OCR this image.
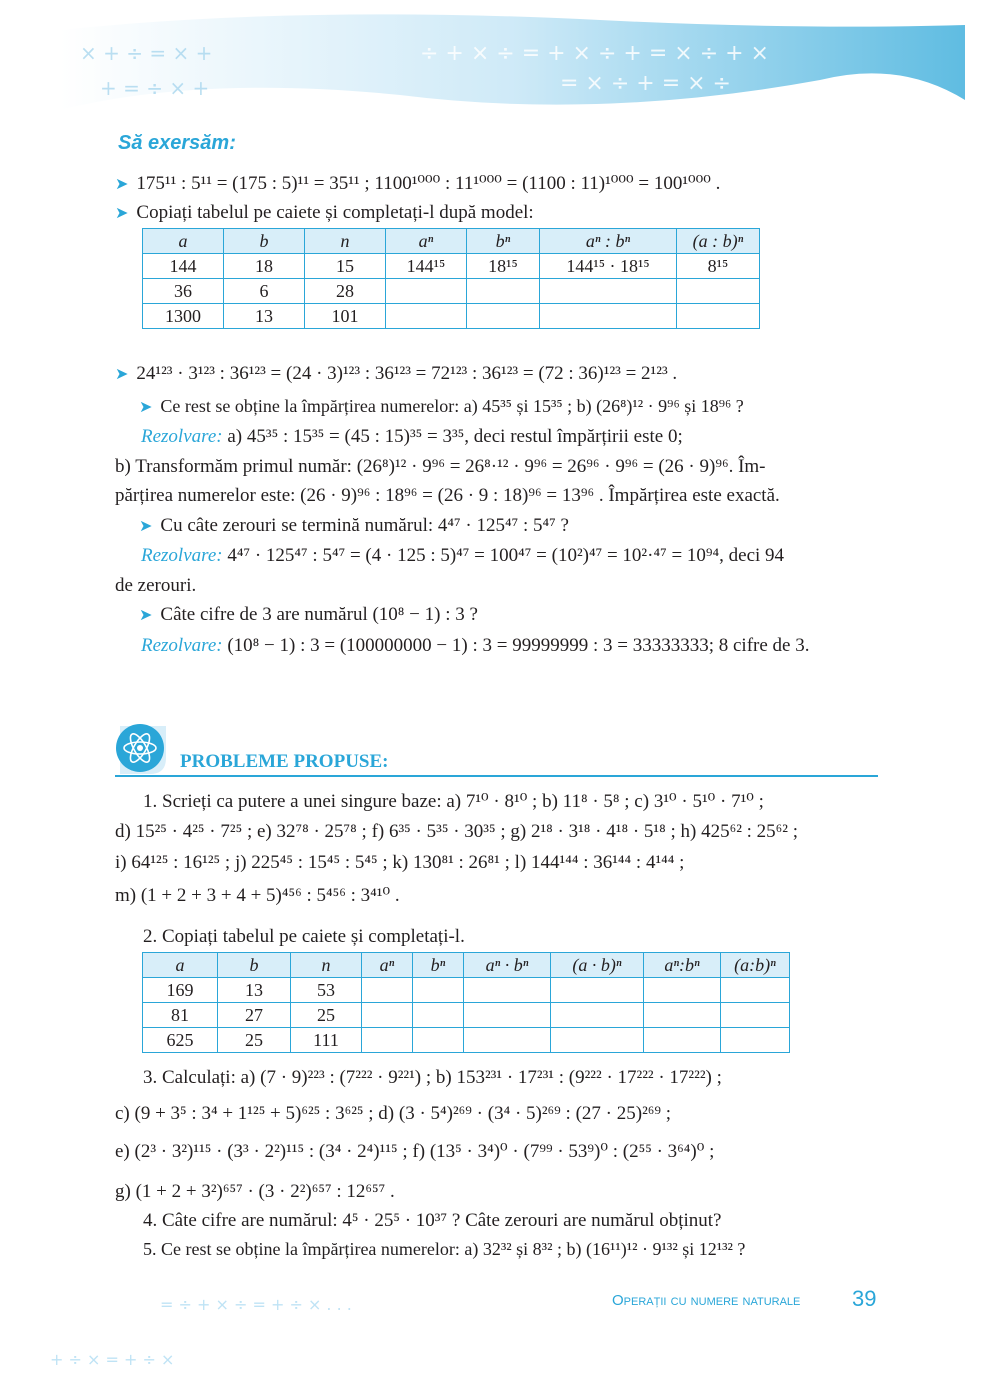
÷ + × ÷ = + × ÷ + = × ÷ + ×
= × ÷ + = × ÷
× + ÷ = × +
+ = ÷ × +
+ ÷ × = + ÷ ×
= ÷ + × ÷ = + ÷ × . . .
Să exersăm:
➤ 175¹¹ : 5¹¹ = (175 : 5)¹¹ = 35¹¹ ; 1100¹⁰⁰⁰ : 11¹⁰⁰⁰ = (1100 : 11)¹⁰⁰⁰ = 100¹⁰⁰⁰ .
➤ Copiați tabelul pe caiete și completați-l după model:
a	b	n	aⁿ	bⁿ	aⁿ : bⁿ	(a : b)ⁿ
144	18	15	144¹⁵	18¹⁵	144¹⁵ · 18¹⁵	8¹⁵
36	6	28				
1300	13	101				
➤ 24¹²³ · 3¹²³ : 36¹²³ = (24 · 3)¹²³ : 36¹²³ = 72¹²³ : 36¹²³ = (72 : 36)¹²³ = 2¹²³ .
➤ Ce rest se obține la împărțirea numerelor: a) 45³⁵ și 15³⁵ ; b) (26⁸)¹² · 9⁹⁶ și 18⁹⁶ ?
Rezolvare: a) 45³⁵ : 15³⁵ = (45 : 15)³⁵ = 3³⁵, deci restul împărțirii este 0;
b) Transformăm primul număr: (26⁸)¹² · 9⁹⁶ = 26⁸·¹² · 9⁹⁶ = 26⁹⁶ · 9⁹⁶ = (26 · 9)⁹⁶. Îm-
părțirea numerelor este: (26 · 9)⁹⁶ : 18⁹⁶ = (26 · 9 : 18)⁹⁶ = 13⁹⁶ . Împărțirea este exactă.
➤ Cu câte zerouri se termină numărul: 4⁴⁷ · 125⁴⁷ : 5⁴⁷ ?
Rezolvare: 4⁴⁷ · 125⁴⁷ : 5⁴⁷ = (4 · 125 : 5)⁴⁷ = 100⁴⁷ = (10²)⁴⁷ = 10²·⁴⁷ = 10⁹⁴, deci 94
de zerouri.
➤ Câte cifre de 3 are numărul (10⁸ − 1) : 3 ?
Rezolvare: (10⁸ − 1) : 3 = (100000000 − 1) : 3 = 99999999 : 3 = 33333333; 8 cifre de 3.
PROBLEME PROPUSE:
1. Scrieți ca putere a unei singure baze: a) 7¹⁰ · 8¹⁰ ; b) 11⁸ · 5⁸ ; c) 3¹⁰ · 5¹⁰ · 7¹⁰ ;
d) 15²⁵ · 4²⁵ · 7²⁵ ; e) 32⁷⁸ · 25⁷⁸ ; f) 6³⁵ · 5³⁵ · 30³⁵ ; g) 2¹⁸ · 3¹⁸ · 4¹⁸ · 5¹⁸ ; h) 425⁶² : 25⁶² ;
i) 64¹²⁵ : 16¹²⁵ ; j) 225⁴⁵ : 15⁴⁵ : 5⁴⁵ ; k) 130⁸¹ : 26⁸¹ ; l) 144¹⁴⁴ : 36¹⁴⁴ : 4¹⁴⁴ ;
m) (1 + 2 + 3 + 4 + 5)⁴⁵⁶ : 5⁴⁵⁶ : 3⁴¹⁰ .
2. Copiați tabelul pe caiete și completați-l.
a	b	n	aⁿ	bⁿ	aⁿ · bⁿ	(a · b)ⁿ	aⁿ:bⁿ	(a:b)ⁿ
169	13	53						
81	27	25						
625	25	111						
3. Calculați: a) (7 · 9)²²³ : (7²²² · 9²²¹) ; b) 153²³¹ · 17²³¹ : (9²²² · 17²²² · 17²²²) ;
c) (9 + 3⁵ : 3⁴ + 1¹²⁵ + 5)⁶²⁵ : 3⁶²⁵ ; d) (3 · 5⁴)²⁶⁹ · (3⁴ · 5)²⁶⁹ : (27 · 25)²⁶⁹ ;
e) (2³ · 3²)¹¹⁵ · (3³ · 2²)¹¹⁵ : (3⁴ · 2⁴)¹¹⁵ ; f) (13⁵ · 3⁴)⁰ · (7⁹⁹ · 53⁹)⁰ : (2⁵⁵ · 3⁶⁴)⁰ ;
g) (1 + 2 + 3²)⁶⁵⁷ · (3 · 2²)⁶⁵⁷ : 12⁶⁵⁷ .
4. Câte cifre are numărul: 4⁵ · 25⁵ · 10³⁷ ? Câte zerouri are numărul obținut?
5. Ce rest se obține la împărțirea numerelor: a) 32³² și 8³² ; b) (16¹¹)¹² · 9¹³² și 12¹³² ?
Operații cu numere naturale 39
